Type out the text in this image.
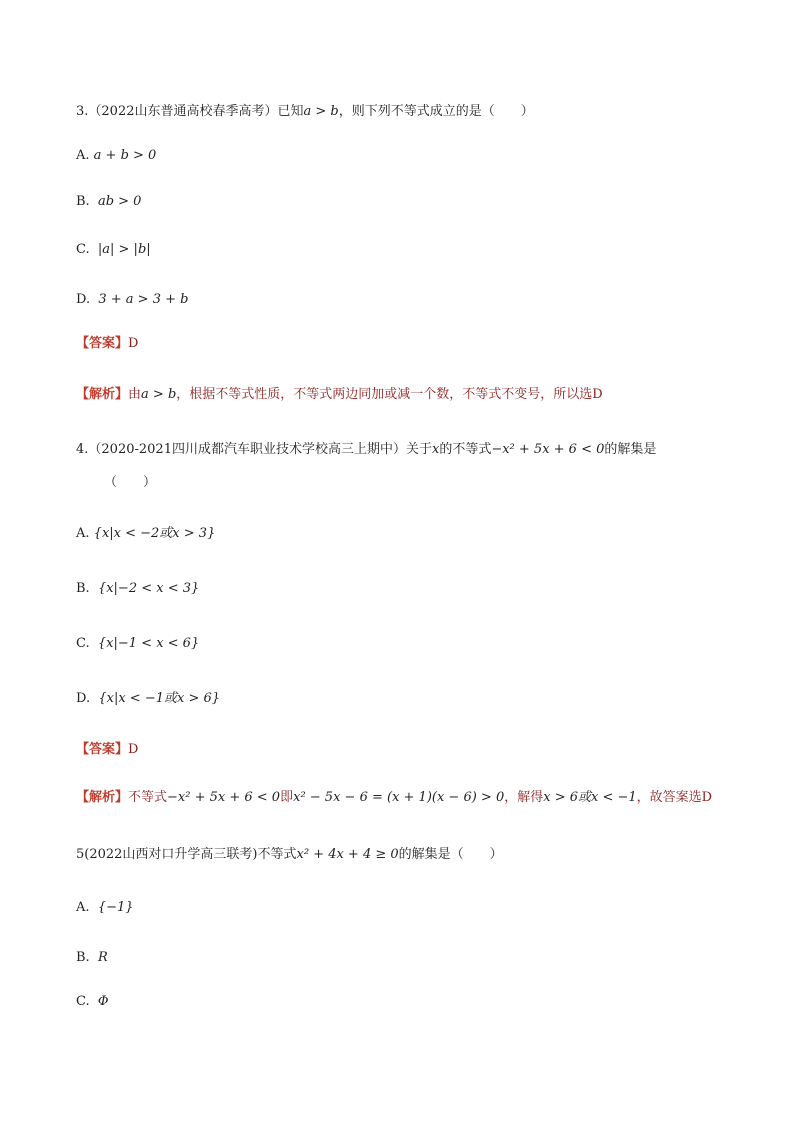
3.（2022山东普通高校春季高考）已知a > b，则下列不等式成立的是（　　）
A. a + b > 0
B. ab > 0
C. |a| > |b|
D. 3 + a > 3 + b
【答案】D
【解析】由a > b，根据不等式性质，不等式两边同加或减一个数，不等式不变号，所以选D
4.（2020-2021四川成都汽车职业技术学校高三上期中）关于x的不等式−x² + 5x + 6 < 0的解集是
（　　）
A. {x|x < −2或x > 3}
B. {x|−2 < x < 3}
C. {x|−1 < x < 6}
D. {x|x < −1或x > 6}
【答案】D
【解析】不等式−x² + 5x + 6 < 0即x² − 5x − 6 = (x + 1)(x − 6) > 0，解得x > 6或x < −1，故答案选D
5(2022山西对口升学高三联考)不等式x² + 4x + 4 ≥ 0的解集是（　　）
A. {−1}
B. R
C. Φ
